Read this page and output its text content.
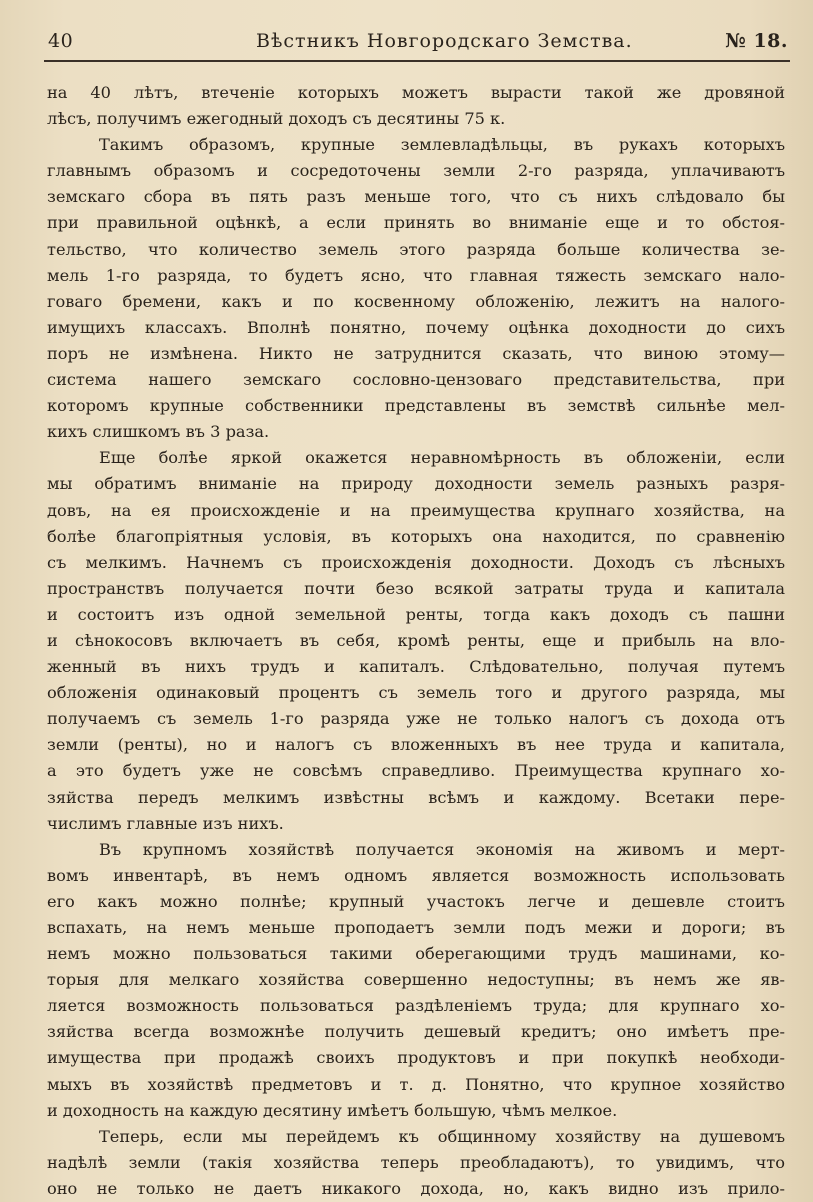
40	Вѣстникъ Новгородскаго Земства.	№ 18.

на 40 лѣтъ, втеченіе которыхъ можетъ вырасти такой же дровяной
лѣсъ, получимъ ежегодный доходъ съ десятины 75 к.

Такимъ образомъ, крупные землевладѣльцы, въ рукахъ которыхъ
главнымъ образомъ и сосредоточены земли 2-го разряда, уплачиваютъ
земскаго сбора въ пять разъ меньше того, что съ нихъ слѣдовало бы
при правильной оцѣнкѣ, а если принять во вниманіе еще и то обстоя-
тельство, что количество земель этого разряда больше количества зе-
мель 1-го разряда, то будетъ ясно, что главная тяжесть земскаго нало-
говаго бремени, какъ и по косвенному обложенію, лежитъ на налого-
имущихъ классахъ. Вполнѣ понятно, почему оцѣнка доходности до сихъ
поръ не измѣнена. Никто не затруднится сказать, что виною этому—
система нашего земскаго сословно-цензоваго представительства, при
которомъ крупные собственники представлены въ земствѣ сильнѣе мел-
кихъ слишкомъ въ 3 раза.

Еще болѣе яркой окажется неравномѣрность въ обложеніи, если
мы обратимъ вниманіе на природу доходности земель разныхъ разря-
довъ, на ея происхожденіе и на преимущества крупнаго хозяйства, на
болѣе благопріятныя условія, въ которыхъ она находится, по сравненію
съ мелкимъ. Начнемъ съ происхожденія доходности. Доходъ съ лѣсныхъ
пространствъ получается почти безо всякой затраты труда и капитала
и состоитъ изъ одной земельной ренты, тогда какъ доходъ съ пашни
и сѣнокосовъ включаетъ въ себя, кромѣ ренты, еще и прибыль на вло-
женный въ нихъ трудъ и капиталъ. Слѣдовательно, получая путемъ
обложенія одинаковый процентъ съ земель того и другого разряда, мы
получаемъ съ земель 1-го разряда уже не только налогъ съ дохода отъ
земли (ренты), но и налогъ съ вложенныхъ въ нее труда и капитала,
а это будетъ уже не совсѣмъ справедливо. Преимущества крупнаго хо-
зяйства передъ мелкимъ извѣстны всѣмъ и каждому. Всетаки пере-
числимъ главные изъ нихъ.

Въ крупномъ хозяйствѣ получается экономія на живомъ и мерт-
вомъ инвентарѣ, въ немъ одномъ является возможность использовать
его какъ можно полнѣе; крупный участокъ легче и дешевле стоитъ
вспахать, на немъ меньше проподаетъ земли подъ межи и дороги; въ
немъ можно пользоваться такими оберегающими трудъ машинами, ко-
торыя для мелкаго хозяйства совершенно недоступны; въ немъ же яв-
ляется возможность пользоваться раздѣленіемъ труда; для крупнаго хо-
зяйства всегда возможнѣе получить дешевый кредитъ; оно имѣетъ пре-
имущества при продажѣ своихъ продуктовъ и при покупкѣ необходи-
мыхъ въ хозяйствѣ предметовъ и т. д. Понятно, что крупное хозяйство
и доходность на каждую десятину имѣетъ большую, чѣмъ мелкое.

Теперь, если мы перейдемъ къ общинному хозяйству на душевомъ
надѣлѣ земли (такія хозяйства теперь преобладаютъ), то увидимъ, что
оно не только не даетъ никакого дохода, но, какъ видно изъ прило-
